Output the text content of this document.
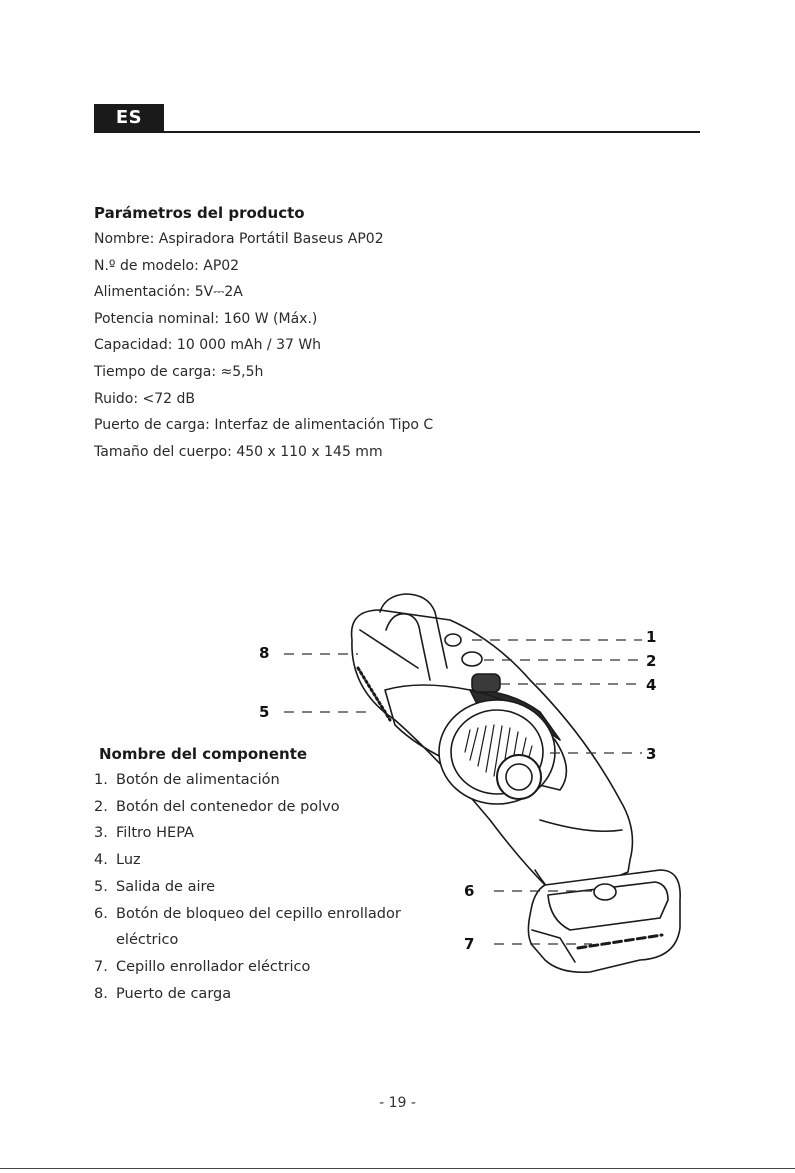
ES
Parámetros del producto
Nombre: Aspiradora Portátil Baseus AP02
N.º de modelo: AP02
Alimentación: 5V⎓2A
Potencia nominal: 160 W (Máx.)
Capacidad: 10 000 mAh / 37 Wh
Tiempo de carga: ≈5,5h
Ruido: <72 dB
Puerto de carga: Interfaz de alimentación Tipo C
Tamaño del cuerpo: 450 x 110 x 145 mm
1
2
4
3
8
5
6
7
Nombre del componente
1. Botón de alimentación
2. Botón del contenedor de polvo
3. Filtro HEPA
4. Luz
5. Salida de aire
6. Botón de bloqueo del cepillo enrollador
eléctrico
7. Cepillo enrollador eléctrico
8. Puerto de carga
- 19 -
